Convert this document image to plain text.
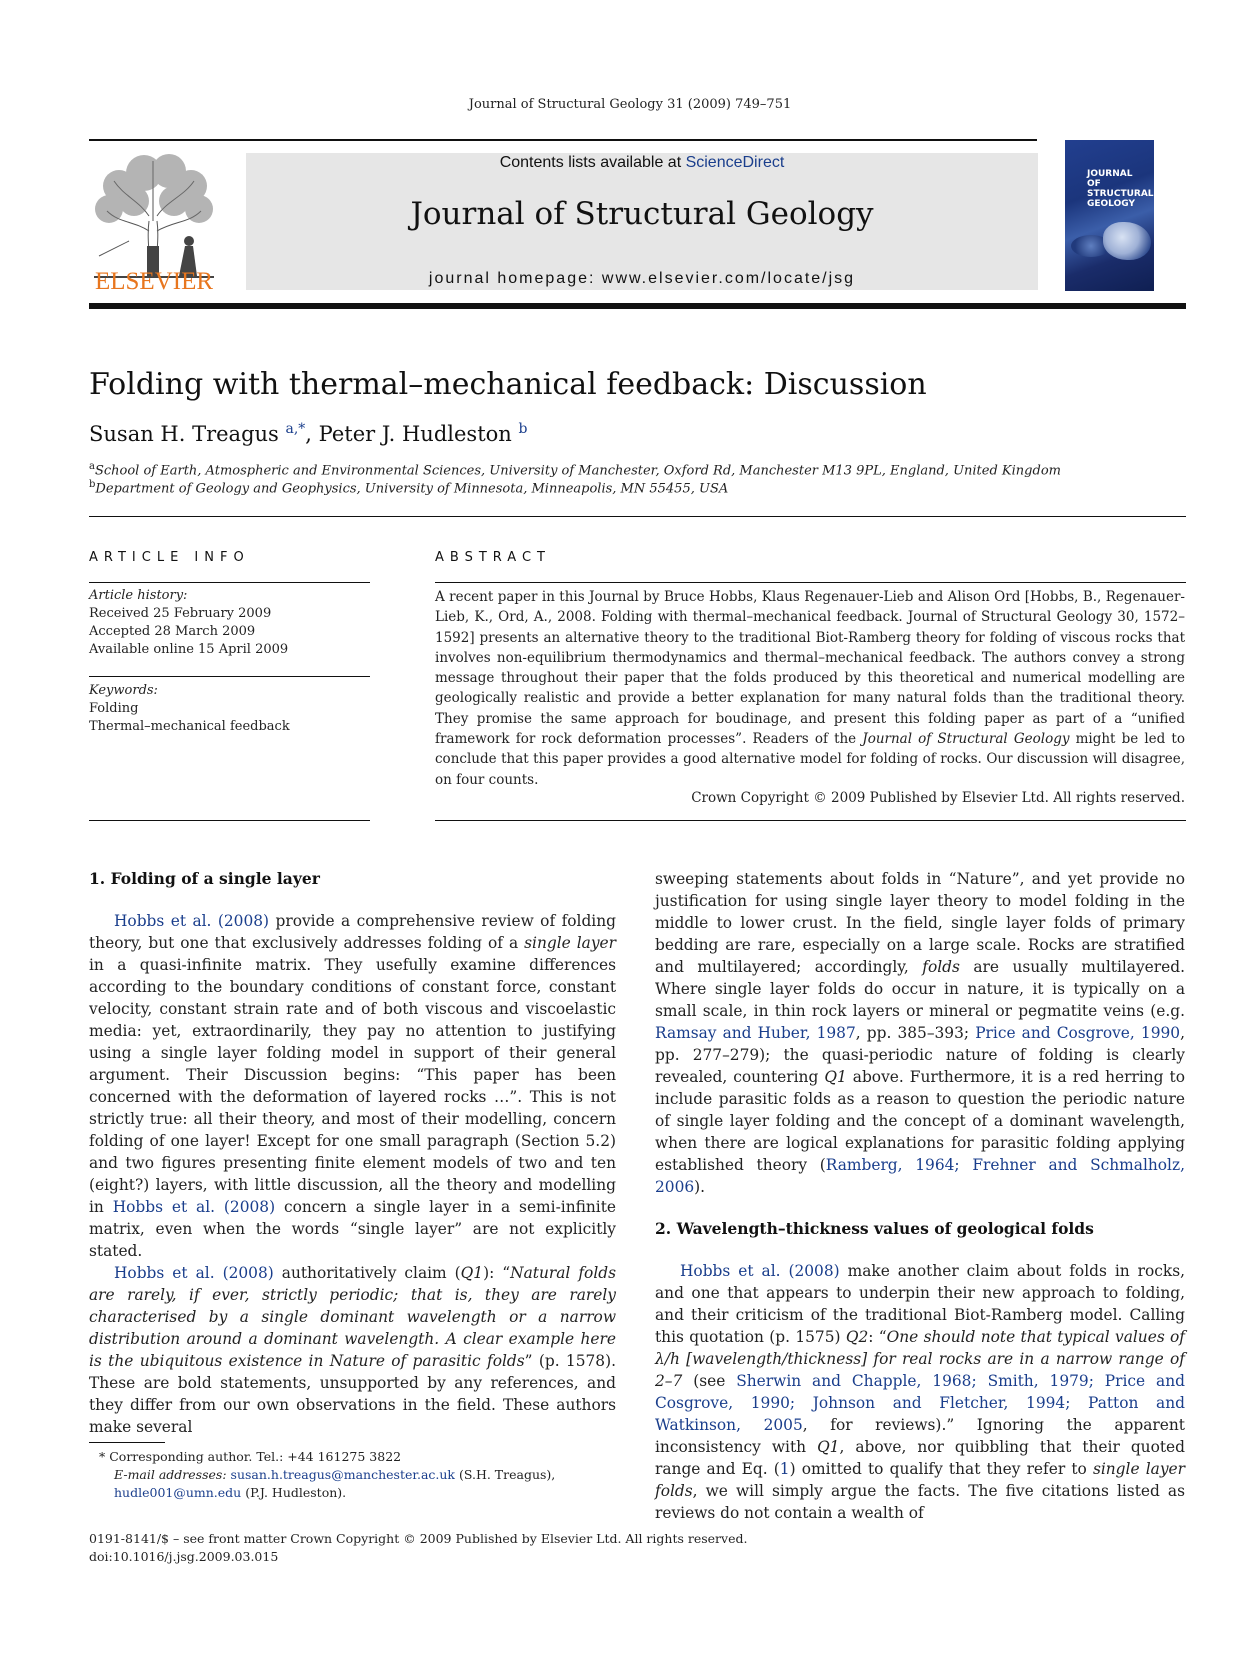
Journal of Structural Geology 31 (2009) 749–751
ELSEVIER
Contents lists available at ScienceDirect
Journal of Structural Geology
journal homepage: www.elsevier.com/locate/jsg
JOURNAL OF STRUCTURAL GEOLOGY
Folding with thermal–mechanical feedback: Discussion
Susan H. Treagus $^{a,*}$, Peter J. Hudleston $^b$
$^a$School of Earth, Atmospheric and Environmental Sciences, University of Manchester, Oxford Rd, Manchester M13 9PL, England, United Kingdom
$^b$Department of Geology and Geophysics, University of Minnesota, Minneapolis, MN 55455, USA
ARTICLE INFO
Article history:
Received 25 February 2009
Accepted 28 March 2009
Available online 15 April 2009
Keywords:
Folding
Thermal–mechanical feedback
ABSTRACT
A recent paper in this Journal by Bruce Hobbs, Klaus Regenauer-Lieb and Alison Ord [Hobbs, B., Regenauer-Lieb, K., Ord, A., 2008. Folding with thermal–mechanical feedback. Journal of Structural Geology 30, 1572–1592] presents an alternative theory to the traditional Biot-Ramberg theory for folding of viscous rocks that involves non-equilibrium thermodynamics and thermal–mechanical feedback. The authors convey a strong message throughout their paper that the folds produced by this theoretical and numerical modelling are geologically realistic and provide a better explanation for many natural folds than the traditional theory. They promise the same approach for boudinage, and present this folding paper as part of a “unified framework for rock deformation processes”. Readers of the Journal of Structural Geology might be led to conclude that this paper provides a good alternative model for folding of rocks. Our discussion will disagree, on four counts.
Crown Copyright © 2009 Published by Elsevier Ltd. All rights reserved.
1. Folding of a single layer

Hobbs et al. (2008) provide a comprehensive review of folding theory, but one that exclusively addresses folding of a single layer in a quasi-infinite matrix. They usefully examine differences according to the boundary conditions of constant force, constant velocity, constant strain rate and of both viscous and viscoelastic media: yet, extraordinarily, they pay no attention to justifying using a single layer folding model in support of their general argument. Their Discussion begins: “This paper has been concerned with the deformation of layered rocks …”. This is not strictly true: all their theory, and most of their modelling, concern folding of one layer! Except for one small paragraph (Section 5.2) and two figures presenting finite element models of two and ten (eight?) layers, with little discussion, all the theory and modelling in Hobbs et al. (2008) concern a single layer in a semi-infinite matrix, even when the words “single layer” are not explicitly stated.

Hobbs et al. (2008) authoritatively claim (Q1): “Natural folds are rarely, if ever, strictly periodic; that is, they are rarely characterised by a single dominant wavelength or a narrow distribution around a dominant wavelength. A clear example here is the ubiquitous existence in Nature of parasitic folds” (p. 1578). These are bold statements, unsupported by any references, and they differ from our own observations in the field. These authors make several

sweeping statements about folds in “Nature”, and yet provide no justification for using single layer theory to model folding in the middle to lower crust. In the field, single layer folds of primary bedding are rare, especially on a large scale. Rocks are stratified and multilayered; accordingly, folds are usually multilayered. Where single layer folds do occur in nature, it is typically on a small scale, in thin rock layers or mineral or pegmatite veins (e.g. Ramsay and Huber, 1987, pp. 385–393; Price and Cosgrove, 1990, pp. 277–279); the quasi-periodic nature of folding is clearly revealed, countering Q1 above. Furthermore, it is a red herring to include parasitic folds as a reason to question the periodic nature of single layer folding and the concept of a dominant wavelength, when there are logical explanations for parasitic folding applying established theory (Ramberg, 1964; Frehner and Schmalholz, 2006).

2. Wavelength–thickness values of geological folds

Hobbs et al. (2008) make another claim about folds in rocks, and one that appears to underpin their new approach to folding, and their criticism of the traditional Biot-Ramberg model. Calling this quotation (p. 1575) Q2: “One should note that typical values of λ/h [wavelength/thickness] for real rocks are in a narrow range of 2–7 (see Sherwin and Chapple, 1968; Smith, 1979; Price and Cosgrove, 1990; Johnson and Fletcher, 1994; Patton and Watkinson, 2005, for reviews).” Ignoring the apparent inconsistency with Q1, above, nor quibbling that their quoted range and Eq. (1) omitted to qualify that they refer to single layer folds, we will simply argue the facts. The five citations listed as reviews do not contain a wealth of

* Corresponding author. Tel.: +44 161275 3822
E-mail addresses: susan.h.treagus@manchester.ac.uk (S.H. Treagus), hudle001@umn.edu (P.J. Hudleston).
0191-8141/$ – see front matter Crown Copyright © 2009 Published by Elsevier Ltd. All rights reserved.
doi:10.1016/j.jsg.2009.03.015
